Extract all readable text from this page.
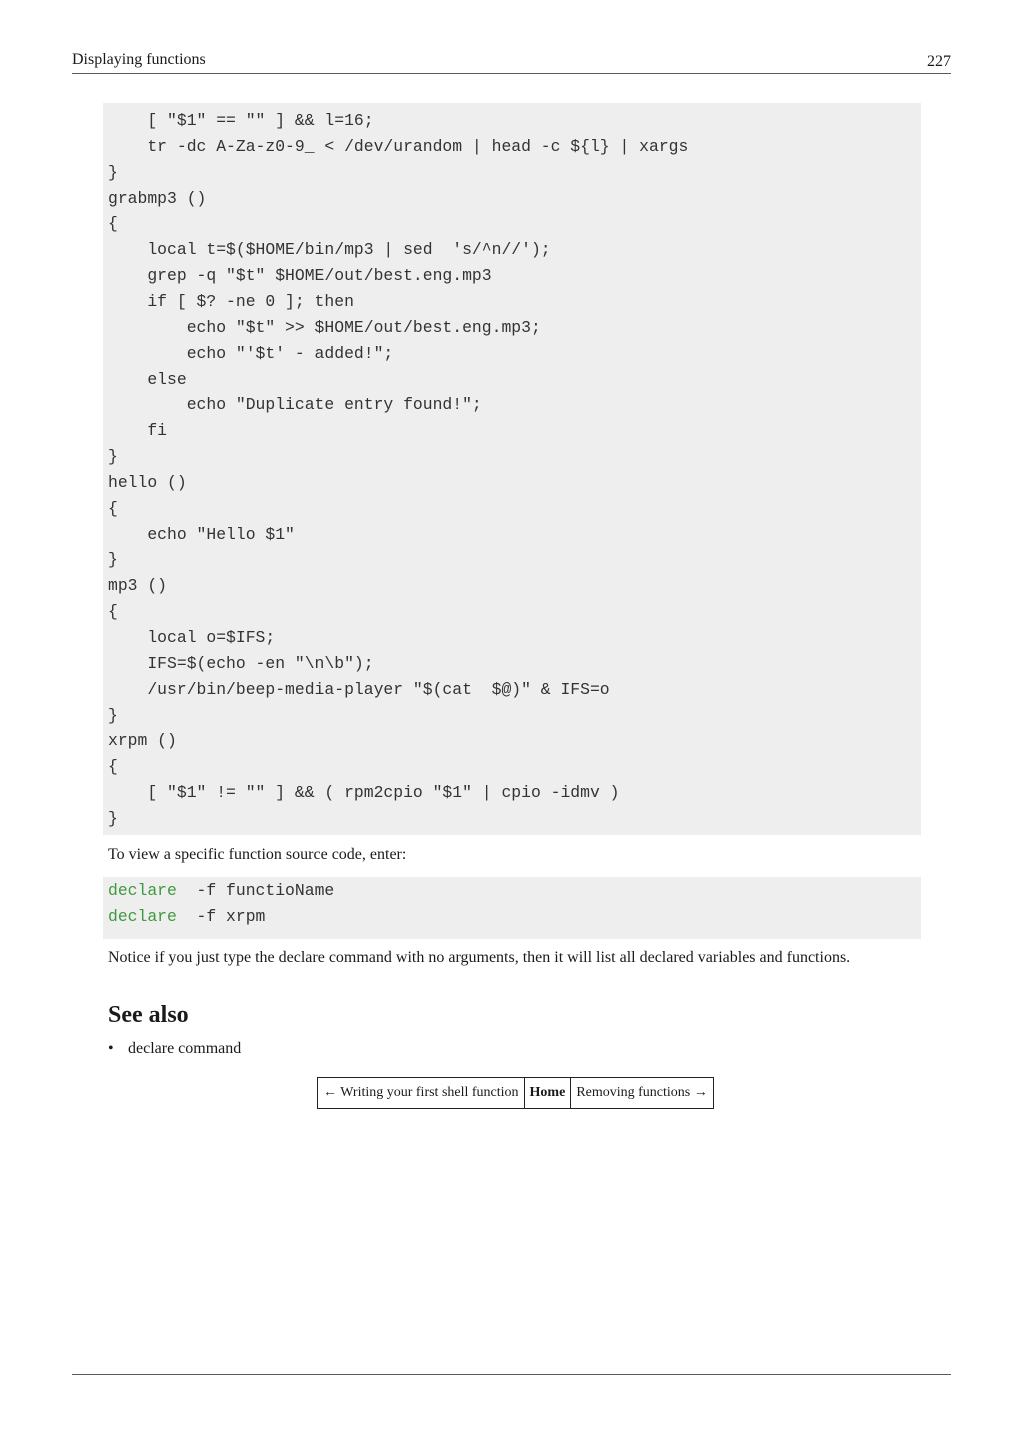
Displaying functions	227
[ "$1" == "" ] && l=16;
tr -dc A-Za-z0-9_ < /dev/urandom | head -c ${l} | xargs
}
grabmp3 ()
{
local t=$($HOME/bin/mp3 | sed  's/^n//');
grep -q "$t" $HOME/out/best.eng.mp3
if [ $? -ne 0 ]; then
echo "$t" >> $HOME/out/best.eng.mp3;
echo "'$t' - added!";
else
echo "Duplicate entry found!";
fi
}
hello ()
{
echo "Hello $1"
}
mp3 ()
{
local o=$IFS;
IFS=$(echo -en "\n\b");
/usr/bin/beep-media-player "$(cat  $@)" & IFS=o
}
xrpm ()
{
[ "$1" != "" ] && ( rpm2cpio "$1" | cpio -idmv )
}
To view a specific function source code, enter:
declare  -f functioName
declare  -f xrpm
Notice if you just type the declare command with no arguments, then it will list all declared variables and functions.
See also
• declare command
← Writing your first shell function	Home	Removing functions →
